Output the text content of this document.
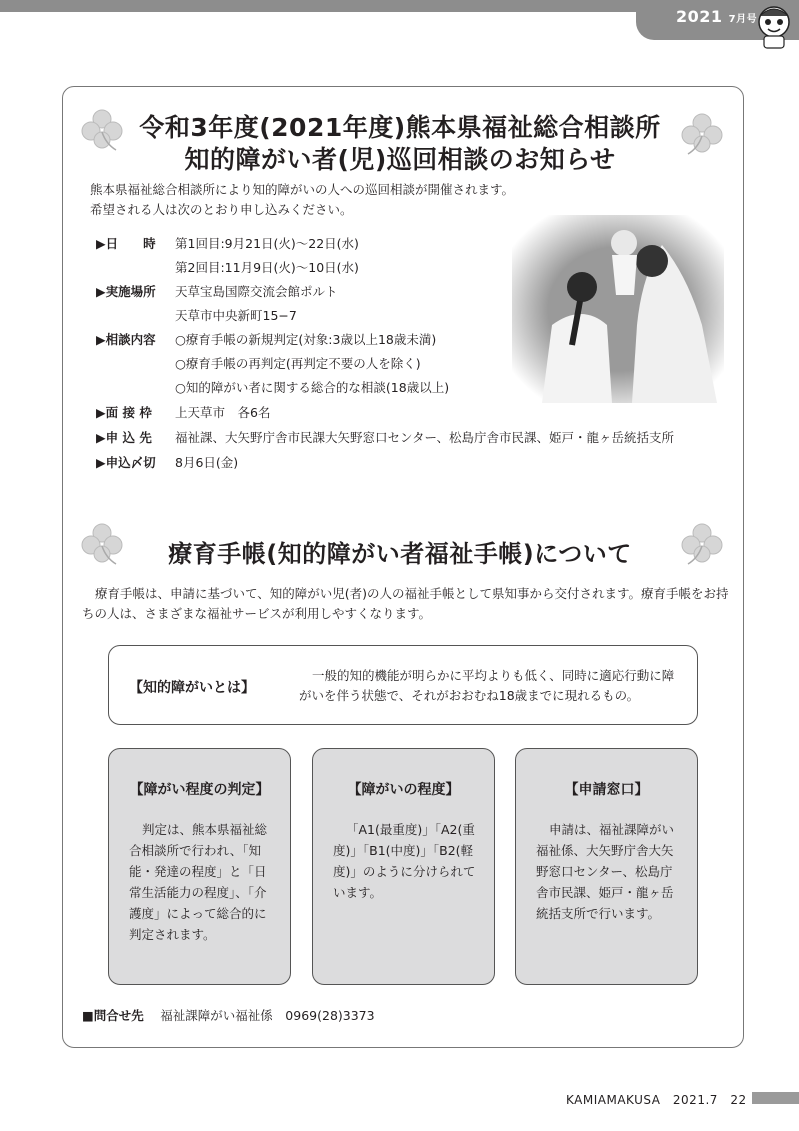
2021 7月号
令和3年度(2021年度)熊本県福祉総合相談所
知的障がい者(児)巡回相談のお知らせ
熊本県福祉総合相談所により知的障がいの人への巡回相談が開催されます。
希望される人は次のとおり申し込みください。
▶日　　時	第1回目:9月21日(火)〜22日(水)
第2回目:11月9日(火)〜10日(水)
▶実施場所	天草宝島国際交流会館ポルト
天草市中央新町15−7
▶相談内容	○療育手帳の新規判定(対象:3歳以上18歳未満)
○療育手帳の再判定(再判定不要の人を除く)
○知的障がい者に関する総合的な相談(18歳以上)
▶面 接 枠	上天草市　各6名
▶申 込 先	福祉課、大矢野庁舎市民課大矢野窓口センター、松島庁舎市民課、姫戸・龍ヶ岳統括支所
▶申込〆切	8月6日(金)
療育手帳(知的障がい者福祉手帳)について
療育手帳は、申請に基づいて、知的障がい児(者)の人の福祉手帳として県知事から交付されます。療育手帳をお持ちの人は、さまざまな福祉サービスが利用しやすくなります。
【知的障がいとは】
一般的知的機能が明らかに平均よりも低く、同時に適応行動に障がいを伴う状態で、それがおおむね18歳までに現れるもの。
【障がい程度の判定】
判定は、熊本県福祉総合相談所で行われ、「知能・発達の程度」と「日常生活能力の程度」、「介護度」によって総合的に判定されます。
【障がいの程度】
「A1(最重度)」「A2(重度)」「B1(中度)」「B2(軽度)」のように分けられています。
【申請窓口】
申請は、福祉課障がい福祉係、大矢野庁舎大矢野窓口センター、松島庁舎市民課、姫戸・龍ヶ岳統括支所で行います。
■問合せ先　 福祉課障がい福祉係　0969(28)3373
KAMIAMAKUSA　2021.7　22
